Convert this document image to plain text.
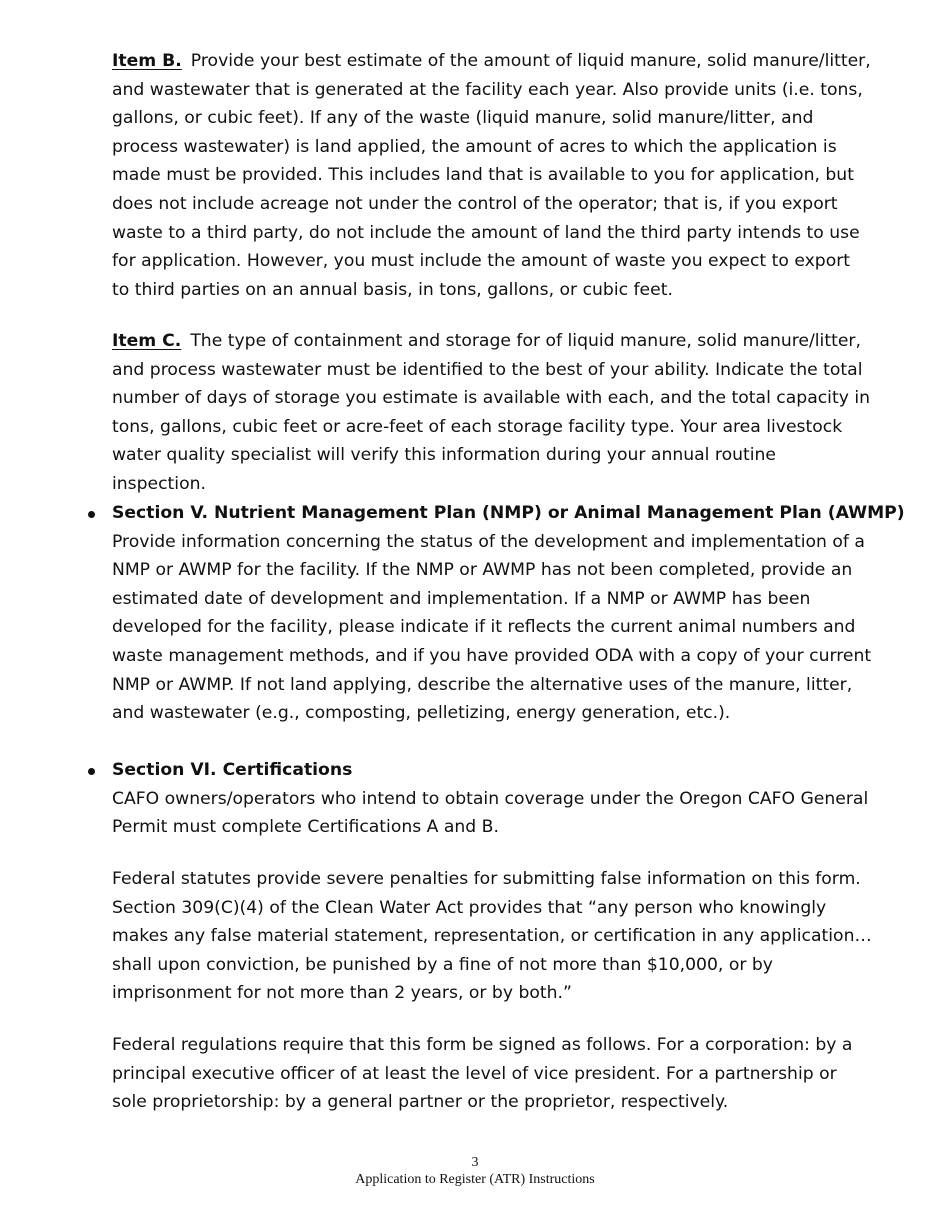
Item B. Provide your best estimate of the amount of liquid manure, solid manure/litter, and wastewater that is generated at the facility each year. Also provide units (i.e. tons, gallons, or cubic feet). If any of the waste (liquid manure, solid manure/litter, and process wastewater) is land applied, the amount of acres to which the application is made must be provided. This includes land that is available to you for application, but does not include acreage not under the control of the operator; that is, if you export waste to a third party, do not include the amount of land the third party intends to use for application. However, you must include the amount of waste you expect to export to third parties on an annual basis, in tons, gallons, or cubic feet.

Item C. The type of containment and storage for of liquid manure, solid manure/litter, and process wastewater must be identified to the best of your ability. Indicate the total number of days of storage you estimate is available with each, and the total capacity in tons, gallons, cubic feet or acre-feet of each storage facility type. Your area livestock water quality specialist will verify this information during your annual routine inspection.

Section V. Nutrient Management Plan (NMP) or Animal Management Plan (AWMP)
Provide information concerning the status of the development and implementation of a NMP or AWMP for the facility. If the NMP or AWMP has not been completed, provide an estimated date of development and implementation. If a NMP or AWMP has been developed for the facility, please indicate if it reflects the current animal numbers and waste management methods, and if you have provided ODA with a copy of your current NMP or AWMP. If not land applying, describe the alternative uses of the manure, litter, and wastewater (e.g., composting, pelletizing, energy generation, etc.).

Section VI. Certifications
CAFO owners/operators who intend to obtain coverage under the Oregon CAFO General Permit must complete Certifications A and B.

Federal statutes provide severe penalties for submitting false information on this form. Section 309(C)(4) of the Clean Water Act provides that “any person who knowingly makes any false material statement, representation, or certification in any application…shall upon conviction, be punished by a fine of not more than $10,000, or by imprisonment for not more than 2 years, or by both.”

Federal regulations require that this form be signed as follows. For a corporation: by a principal executive officer of at least the level of vice president. For a partnership or sole proprietorship: by a general partner or the proprietor, respectively.

3
Application to Register (ATR) Instructions
